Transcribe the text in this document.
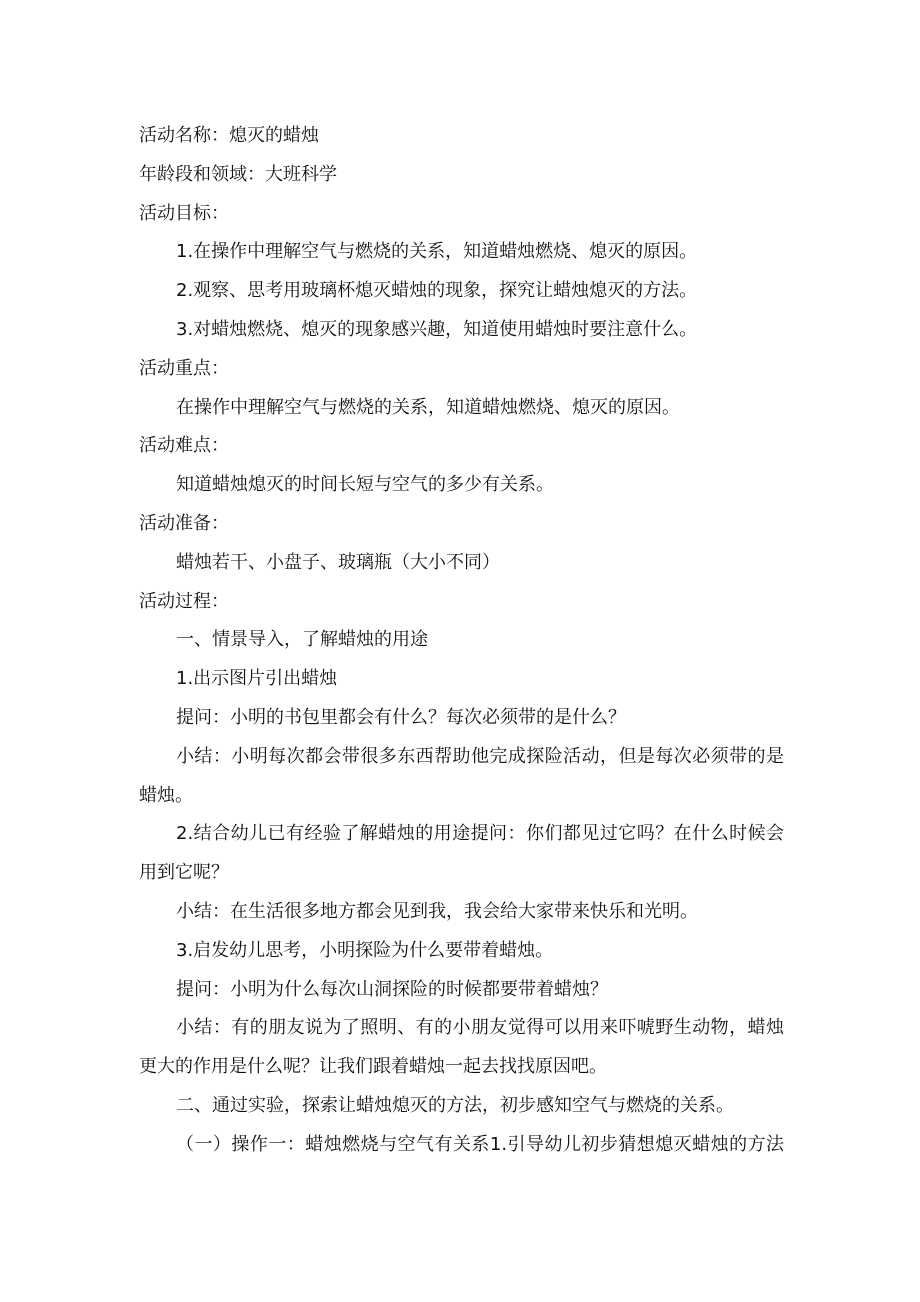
活动名称：熄灭的蜡烛
年龄段和领域：大班科学
活动目标：
1.在操作中理解空气与燃烧的关系，知道蜡烛燃烧、熄灭的原因。
2.观察、思考用玻璃杯熄灭蜡烛的现象，探究让蜡烛熄灭的方法。
3.对蜡烛燃烧、熄灭的现象感兴趣，知道使用蜡烛时要注意什么。
活动重点：
在操作中理解空气与燃烧的关系，知道蜡烛燃烧、熄灭的原因。
活动难点：
知道蜡烛熄灭的时间长短与空气的多少有关系。
活动准备：
蜡烛若干、小盘子、玻璃瓶（大小不同）
活动过程：
一、情景导入，了解蜡烛的用途
1.出示图片引出蜡烛
提问：小明的书包里都会有什么？每次必须带的是什么？
小结：小明每次都会带很多东西帮助他完成探险活动，但是每次必须带的是
蜡烛。
2.结合幼儿已有经验了解蜡烛的用途提问：你们都见过它吗？在什么时候会
用到它呢？
小结：在生活很多地方都会见到我，我会给大家带来快乐和光明。
3.启发幼儿思考，小明探险为什么要带着蜡烛。
提问：小明为什么每次山洞探险的时候都要带着蜡烛？
小结：有的朋友说为了照明、有的小朋友觉得可以用来吓唬野生动物，蜡烛
更大的作用是什么呢？让我们跟着蜡烛一起去找找原因吧。
二、通过实验，探索让蜡烛熄灭的方法，初步感知空气与燃烧的关系。
（一）操作一：蜡烛燃烧与空气有关系1.引导幼儿初步猜想熄灭蜡烛的方法
